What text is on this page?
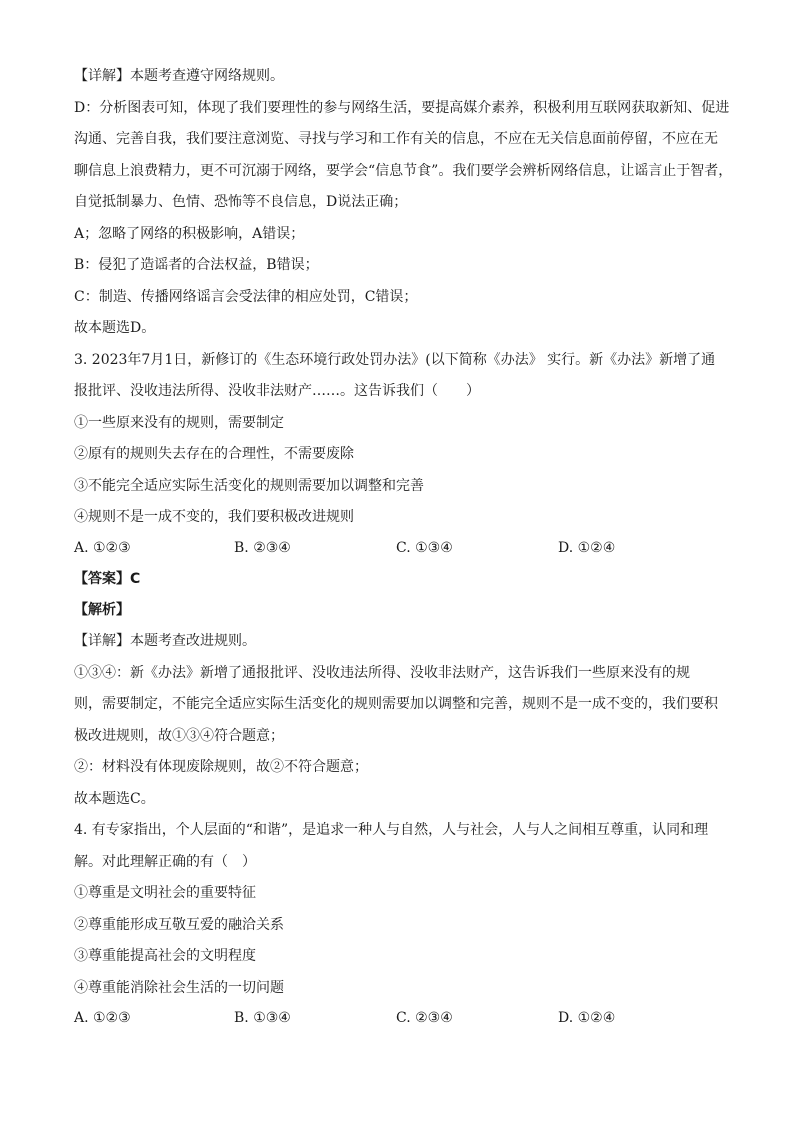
【详解】本题考查遵守网络规则。
D：分析图表可知，体现了我们要理性的参与网络生活，要提高媒介素养，积极利用互联网获取新知、促进
沟通、完善自我，我们要注意浏览、寻找与学习和工作有关的信息，不应在无关信息面前停留，不应在无
聊信息上浪费精力，更不可沉溺于网络，要学会“信息节食”。我们要学会辨析网络信息，让谣言止于智者，
自觉抵制暴力、色情、恐怖等不良信息，D说法正确；
A；忽略了网络的积极影响，A错误；
B：侵犯了造谣者的合法权益，B错误；
C：制造、传播网络谣言会受法律的相应处罚，C错误；
故本题选D。
3. 2023年7月1日，新修订的《生态环境行政处罚办法》(以下简称《办法》 实行。新《办法》新增了通
报批评、没收违法所得、没收非法财产……。这告诉我们（　　）
①一些原来没有的规则，需要制定
②原有的规则失去存在的合理性，不需要废除
③不能完全适应实际生活变化的规则需要加以调整和完善
④规则不是一成不变的，我们要积极改进规则
A. ①②③	B. ②③④	C. ①③④	D. ①②④
【答案】C
【解析】
【详解】本题考查改进规则。
①③④：新《办法》新增了通报批评、没收违法所得、没收非法财产，这告诉我们一些原来没有的规
则，需要制定，不能完全适应实际生活变化的规则需要加以调整和完善，规则不是一成不变的，我们要积
极改进规则，故①③④符合题意；
②：材料没有体现废除规则，故②不符合题意；
故本题选C。
4. 有专家指出，个人层面的“和谐”，是追求一种人与自然，人与社会，人与人之间相互尊重，认同和理
解。对此理解正确的有（　）
①尊重是文明社会的重要特征
②尊重能形成互敬互爱的融洽关系
③尊重能提高社会的文明程度
④尊重能消除社会生活的一切问题
A. ①②③	B. ①③④	C. ②③④	D. ①②④
